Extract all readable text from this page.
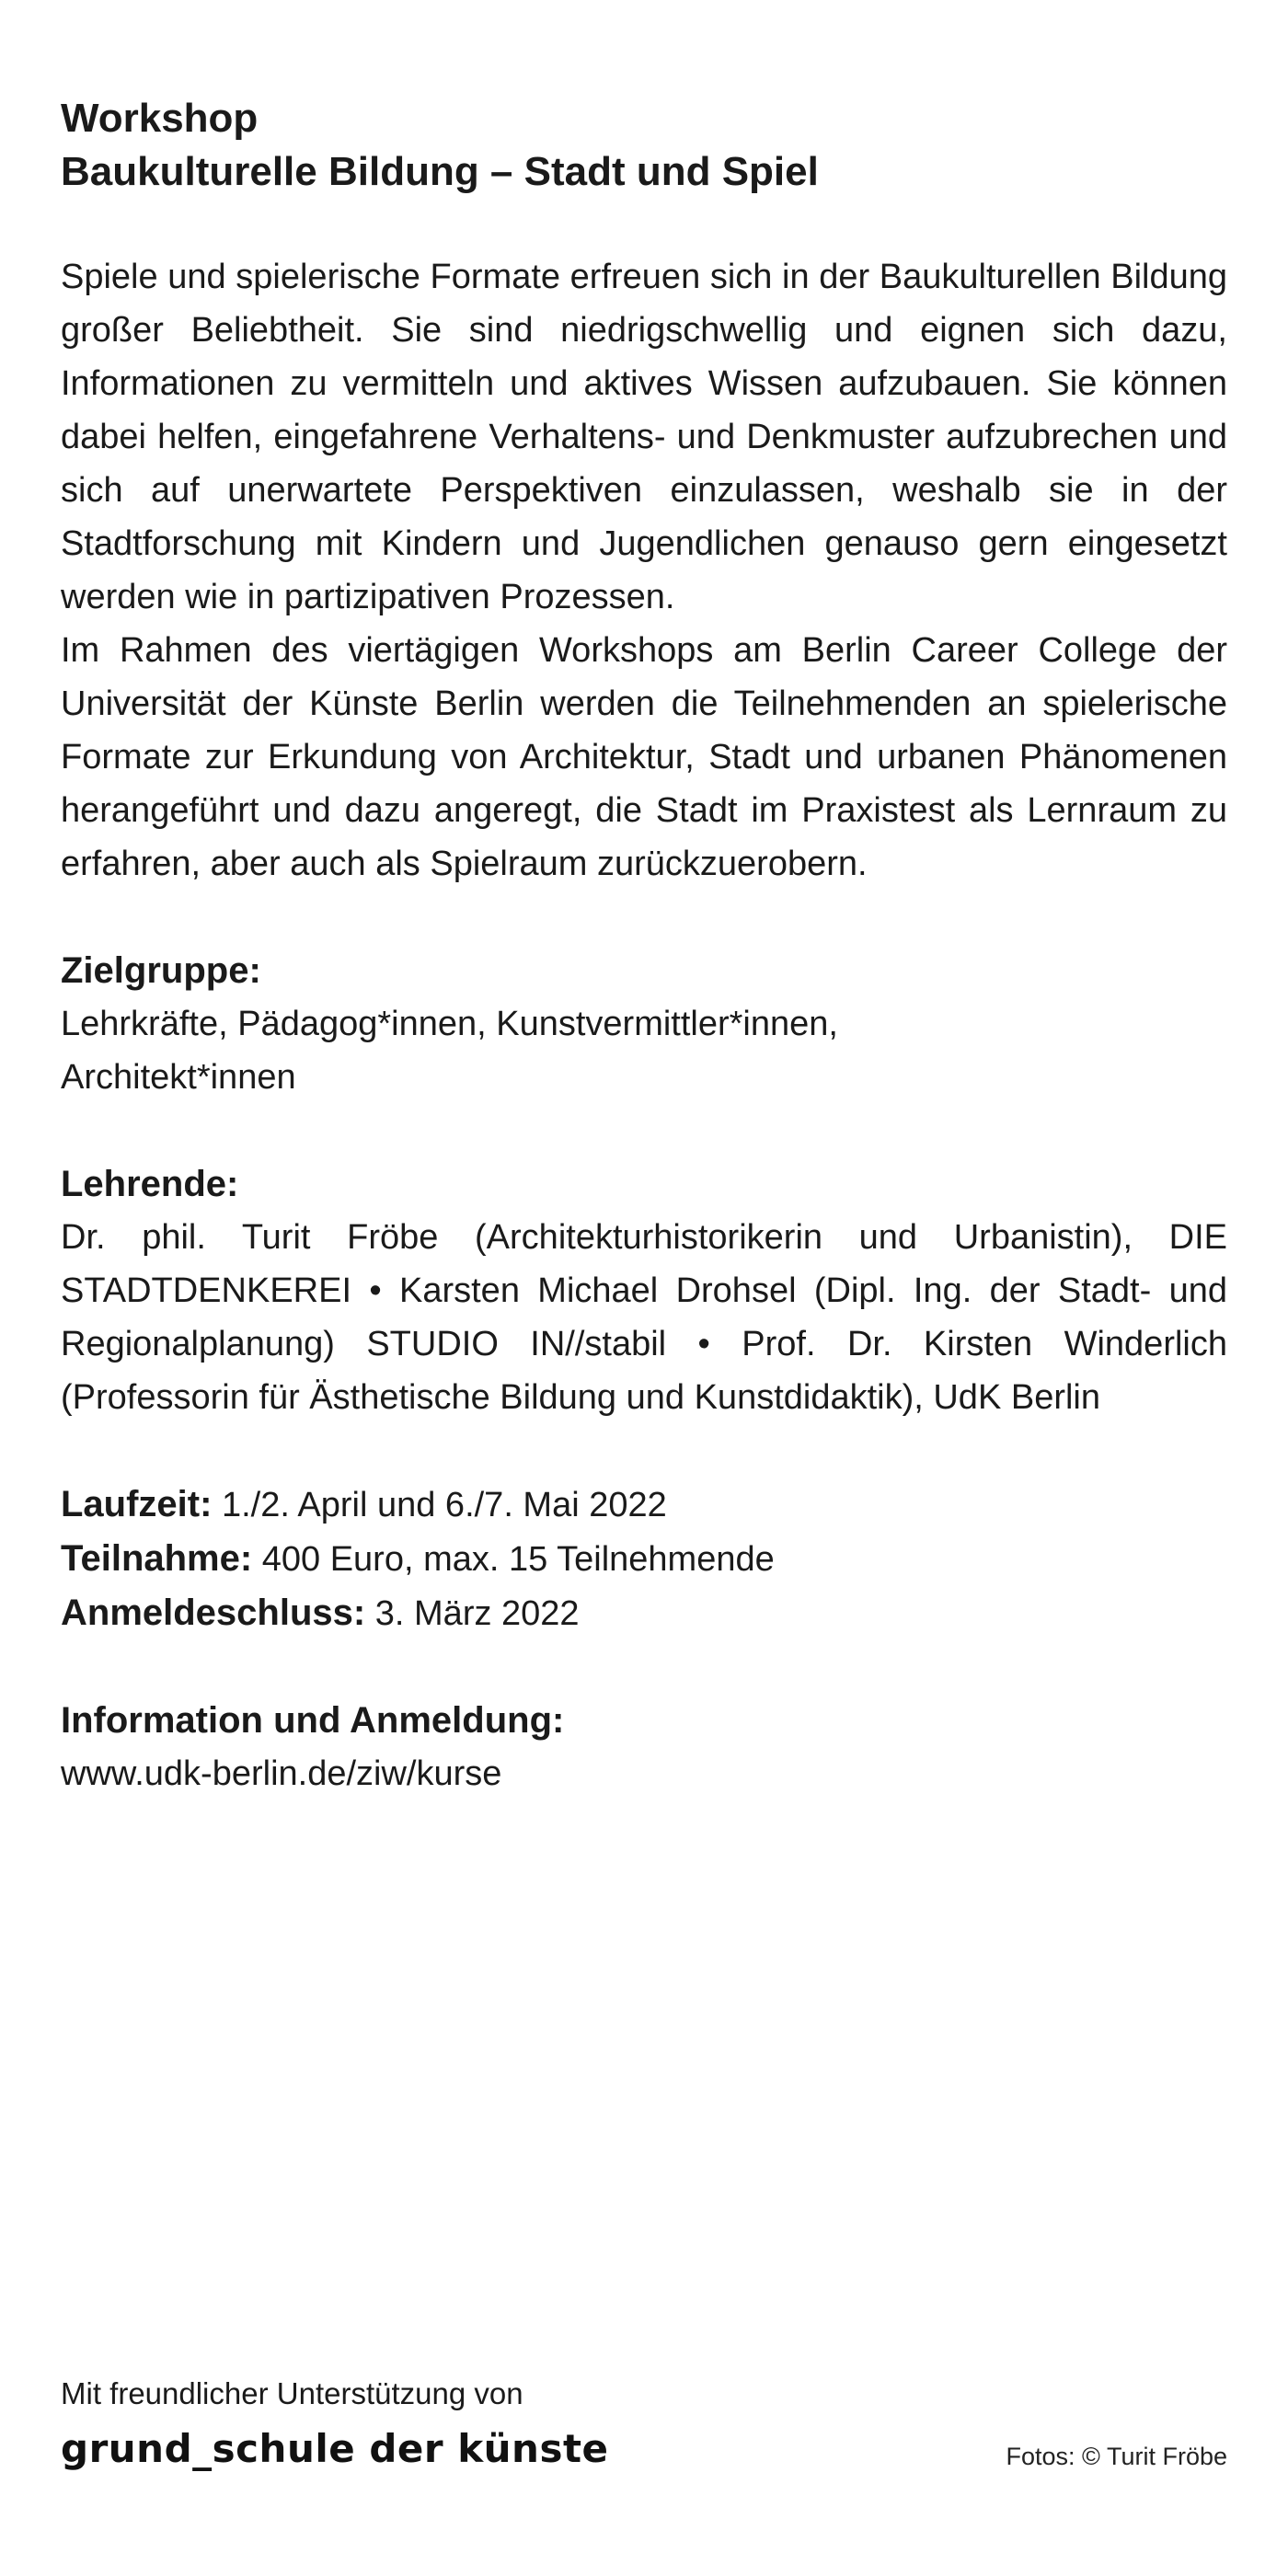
Workshop
Baukulturelle Bildung – Stadt und Spiel

Spiele und spielerische Formate erfreuen sich in der Baukulturellen Bildung großer Beliebtheit. Sie sind niedrigschwellig und eignen sich dazu, Informationen zu vermitteln und aktives Wissen aufzubauen. Sie können dabei helfen, eingefahrene Verhaltens- und Denkmuster aufzubrechen und sich auf unerwartete Perspektiven einzulassen, weshalb sie in der Stadtforschung mit Kindern und Jugendlichen genauso gern eingesetzt werden wie in partizipativen Prozessen.

Im Rahmen des viertägigen Workshops am Berlin Career College der Universität der Künste Berlin werden die Teilnehmenden an spielerische Formate zur Erkundung von Architektur, Stadt und urbanen Phänomenen herangeführt und dazu angeregt, die Stadt im Praxistest als Lernraum zu erfahren, aber auch als Spielraum zurückzuerobern.

Zielgruppe:
Lehrkräfte, Pädagog*innen, Kunstvermittler*innen,
Architekt*innen
Lehrende:
Dr. phil. Turit Fröbe (Architekturhistorikerin und Urbanistin), DIE STADTDENKEREI • Karsten Michael Drohsel (Dipl. Ing. der Stadt- und Regionalplanung) STUDIO IN//stabil • Prof. Dr. Kirsten Winderlich (Professorin für Ästhetische Bildung und Kunstdidaktik), UdK Berlin
Laufzeit: 1./2. April und 6./7. Mai 2022
Teilnahme: 400 Euro, max. 15 Teilnehmende
Anmeldeschluss: 3. März 2022
Information und Anmeldung:
www.udk-berlin.de/ziw/kurse
Mit freundlicher Unterstützung von
grund_schule der künste	Fotos: © Turit Fröbe
